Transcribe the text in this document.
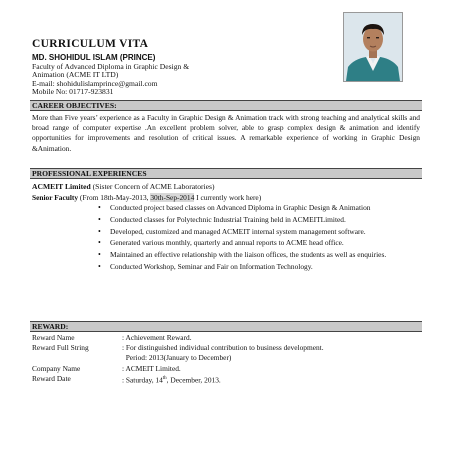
CURRICULUM VITA
MD. SHOHIDUL ISLAM (PRINCE)
Faculty of Advanced Diploma in Graphic Design &
Animation (ACME IT LTD)
E-mail: shohidulislamprince@gmail.com
Mobile No: 01717-923831
CAREER OBJECTIVES:
More than Five years’ experience as a Faculty in Graphic Design & Animation track with strong teaching and analytical skills and broad range of computer expertise .An excellent problem solver, able to grasp complex design & animation and identify opportunities for improvements and resolution of critical issues. A remarkable experience of working in Graphic Design &Animation.
PROFESSIONAL EXPERIENCES
ACMEIT Limited (Sister Concern of ACME Laboratories)
Senior Faculty (From 18th-May-2013, 30th-Sep-2014 I currently work here)
• Conducted project based classes on Advanced Diploma in Graphic Design & Animation
• Conducted classes for Polytechnic Industrial Training held in ACMEITLimited.
• Developed, customized and managed ACMEIT internal system management software.
• Generated various monthly, quarterly and annual reports to ACME head office.
• Maintained an effective relationship with the liaison offices, the students as well as enquiries.
• Conducted Workshop, Seminar and Fair on Information Technology.
REWARD:
Reward Name	: Achievement Reward.
Reward Full String	: For distinguished individual contribution to business development.
Period: 2013(January to December)
Company Name	: ACMEIT Limited.
Reward Date	: Saturday, 14th, December, 2013.
